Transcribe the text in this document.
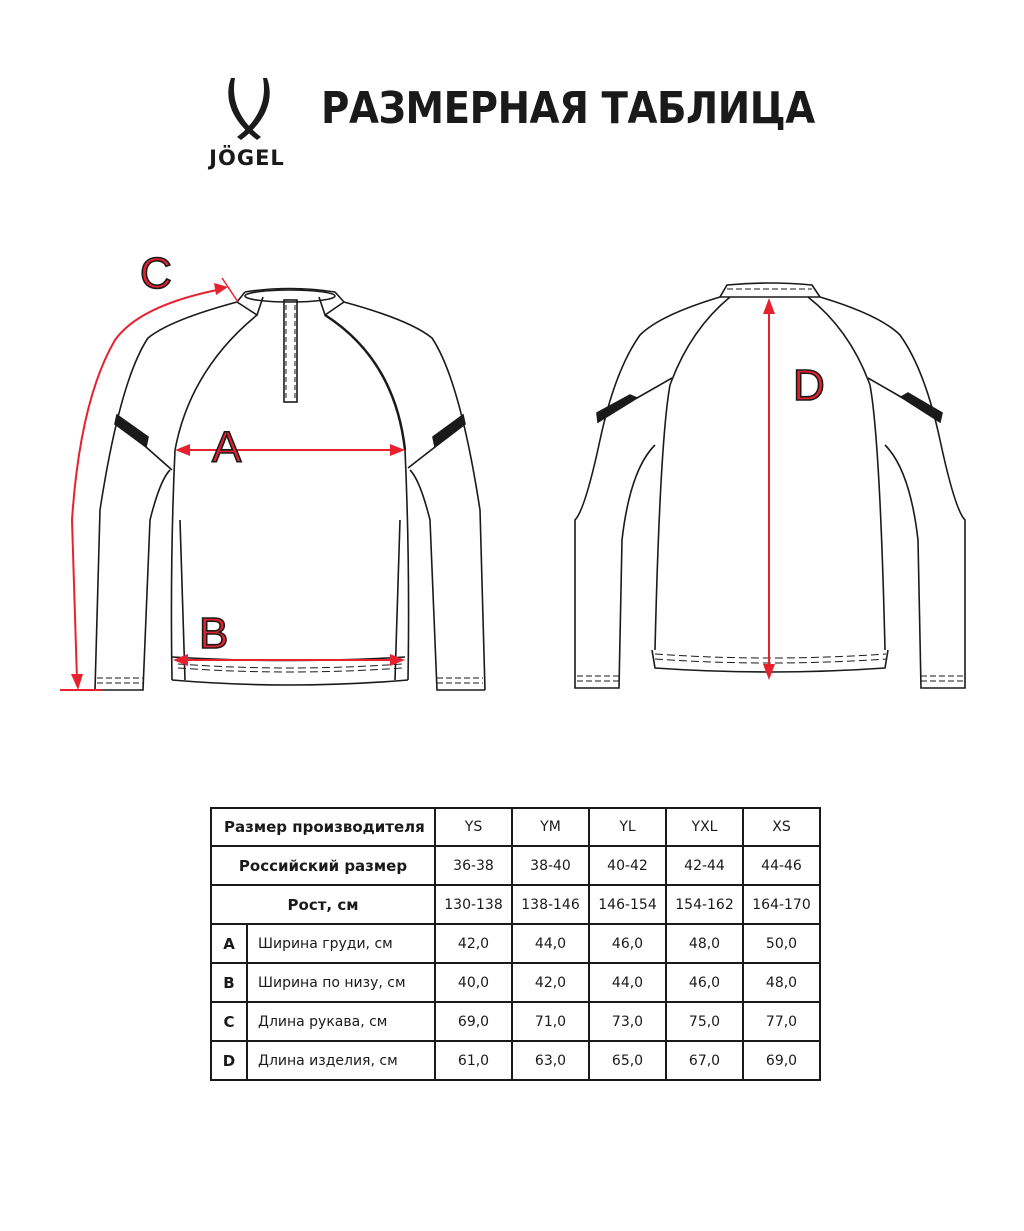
JÖGEL
РАЗМЕРНАЯ ТАБЛИЦА
A
B
C
D
Размер производителя		YS	YM	YL	YXL	XS
Российский размер		36-38	38-40	40-42	42-44	44-46
Рост, см		130-138	138-146	146-154	154-162	164-170
A	Ширина груди, см	42,0	44,0	46,0	48,0	50,0
B	Ширина по низу, см	40,0	42,0	44,0	46,0	48,0
C	Длина рукава, см	69,0	71,0	73,0	75,0	77,0
D	Длина изделия, см	61,0	63,0	65,0	67,0	69,0
